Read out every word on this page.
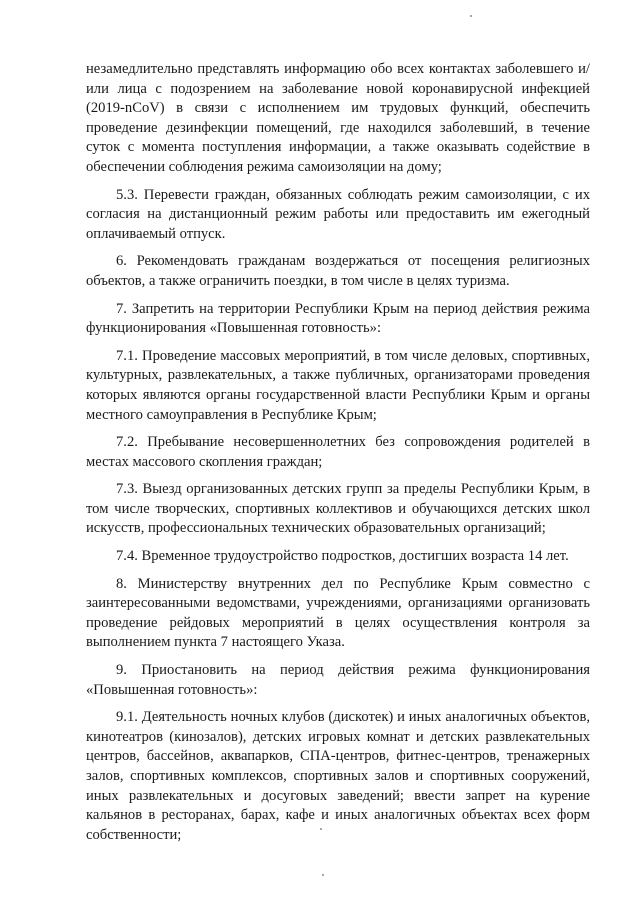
незамедлительно представлять информацию обо всех контактах заболевшего и/или лица с подозрением на заболевание новой коронавирусной инфекцией (2019-nCoV) в связи с исполнением им трудовых функций, обеспечить проведение дезинфекции помещений, где находился заболевший, в течение суток с момента поступления информации, а также оказывать содействие в обеспечении соблюдения режима самоизоляции на дому;

5.3. Перевести граждан, обязанных соблюдать режим самоизоляции, с их согласия на дистанционный режим работы или предоставить им ежегодный оплачиваемый отпуск.

6. Рекомендовать гражданам воздержаться от посещения религиозных объектов, а также ограничить поездки, в том числе в целях туризма.

7. Запретить на территории Республики Крым на период действия режима функционирования «Повышенная готовность»:

7.1. Проведение массовых мероприятий, в том числе деловых, спортивных, культурных, развлекательных, а также публичных, организаторами проведения которых являются органы государственной власти Республики Крым и органы местного самоуправления в Республике Крым;

7.2. Пребывание несовершеннолетних без сопровождения родителей в местах массового скопления граждан;

7.3. Выезд организованных детских групп за пределы Республики Крым, в том числе творческих, спортивных коллективов и обучающихся детских школ искусств, профессиональных технических образовательных организаций;

7.4. Временное трудоустройство подростков, достигших возраста 14 лет.

8. Министерству внутренних дел по Республике Крым совместно с заинтересованными ведомствами, учреждениями, организациями организовать проведение рейдовых мероприятий в целях осуществления контроля за выполнением пункта 7 настоящего Указа.

9. Приостановить на период действия режима функционирования «Повышенная готовность»:

9.1. Деятельность ночных клубов (дискотек) и иных аналогичных объектов, кинотеатров (кинозалов), детских игровых комнат и детских развлекательных центров, бассейнов, аквапарков, СПА-центров, фитнес-центров, тренажерных залов, спортивных комплексов, спортивных залов и спортивных сооружений, иных развлекательных и досуговых заведений; ввести запрет на курение кальянов в ресторанах, барах, кафе и иных аналогичных объектах всех форм собственности;
